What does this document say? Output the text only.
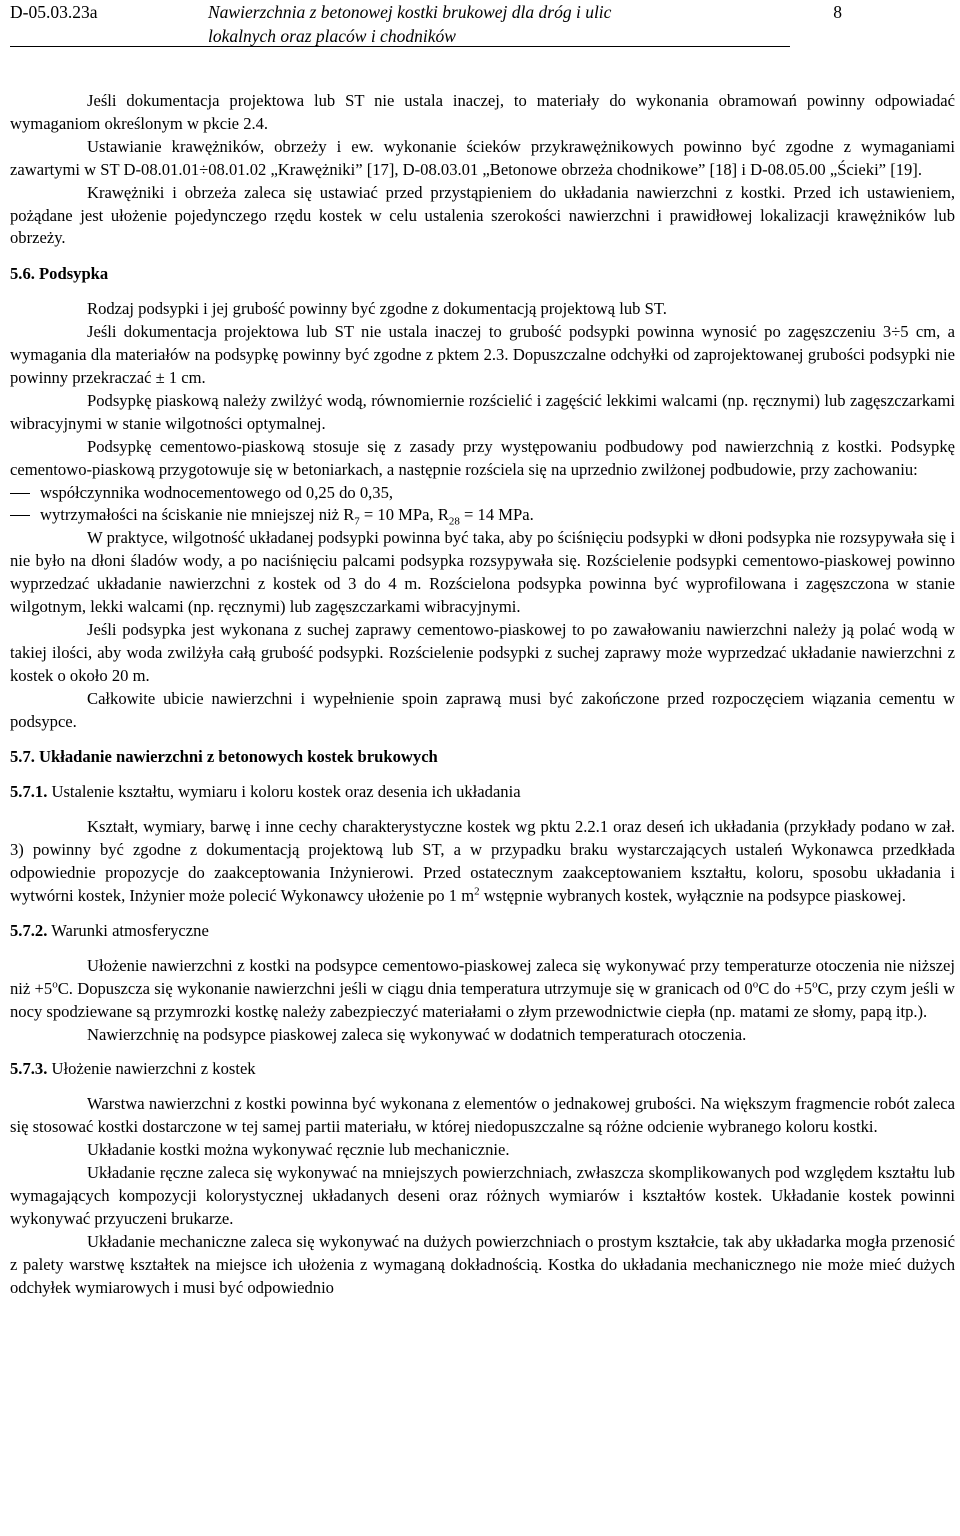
D-05.03.23a	Nawierzchnia z betonowej kostki brukowej dla dróg i ulic
lokalnych oraz placów i chodników
8

Jeśli dokumentacja projektowa lub ST nie ustala inaczej, to materiały do wykonania obramowań powinny odpowiadać wymaganiom określonym w pkcie 2.4.

Ustawianie krawężników, obrzeży i ew. wykonanie ścieków przykrawężnikowych powinno być zgodne z wymaganiami zawartymi w ST D-08.01.01÷08.01.02 „Krawężniki” [17], D-08.03.01 „Betonowe obrzeża chodnikowe” [18] i D-08.05.00 „Ścieki” [19].

Krawężniki i obrzeża zaleca się ustawiać przed przystąpieniem do układania nawierzchni z kostki. Przed ich ustawieniem, pożądane jest ułożenie pojedynczego rzędu kostek w celu ustalenia szerokości nawierzchni i prawidłowej lokalizacji krawężników lub obrzeży.

5.6. Podsypka

Rodzaj podsypki i jej grubość powinny być zgodne z dokumentacją projektową lub ST.

Jeśli dokumentacja projektowa lub ST nie ustala inaczej to grubość podsypki powinna wynosić po zagęszczeniu 3÷5 cm, a wymagania dla materiałów na podsypkę powinny być zgodne z pktem 2.3. Dopuszczalne odchyłki od zaprojektowanej grubości podsypki nie powinny przekraczać ± 1 cm.

Podsypkę piaskową należy zwilżyć wodą, równomiernie rozścielić i zagęścić lekkimi walcami (np. ręcznymi) lub zagęszczarkami wibracyjnymi w stanie wilgotności optymalnej.

Podsypkę cementowo-piaskową stosuje się z zasady przy występowaniu podbudowy pod nawierzchnią z kostki. Podsypkę cementowo-piaskową przygotowuje się w betoniarkach, a następnie rozściela się na uprzednio zwilżonej podbudowie, przy zachowaniu:

współczynnika wodnocementowego od 0,25 do 0,35,

wytrzymałości na ściskanie nie mniejszej niż $R_7 = 10$ MPa, $R_{28} = 14$ MPa.

W praktyce, wilgotność układanej podsypki powinna być taka, aby po ściśnięciu podsypki w dłoni podsypka nie rozsypywała się i nie było na dłoni śladów wody, a po naciśnięciu palcami podsypka rozsypywała się. Rozścielenie podsypki cementowo-piaskowej powinno wyprzedzać układanie nawierzchni z kostek od 3 do 4 m. Rozścielona podsypka powinna być wyprofilowana i zagęszczona w stanie wilgotnym, lekki walcami (np. ręcznymi) lub zagęszczarkami wibracyjnymi.

Jeśli podsypka jest wykonana z suchej zaprawy cementowo-piaskowej to po zawałowaniu nawierzchni należy ją polać wodą w takiej ilości, aby woda zwilżyła całą grubość podsypki. Rozścielenie podsypki z suchej zaprawy może wyprzedzać układanie nawierzchni z kostek o około 20 m.

Całkowite ubicie nawierzchni i wypełnienie spoin zaprawą musi być zakończone przed rozpoczęciem wiązania cementu w podsypce.

5.7. Układanie nawierzchni z betonowych kostek brukowych

5.7.1. Ustalenie kształtu, wymiaru i koloru kostek oraz desenia ich układania

Kształt, wymiary, barwę i inne cechy charakterystyczne kostek wg pktu 2.2.1 oraz deseń ich układania (przykłady podano w zał. 3) powinny być zgodne z dokumentacją projektową lub ST, a w przypadku braku wystarczających ustaleń Wykonawca przedkłada odpowiednie propozycje do zaakceptowania Inżynierowi. Przed ostatecznym zaakceptowaniem kształtu, koloru, sposobu układania i wytwórni kostek, Inżynier może polecić Wykonawcy ułożenie po 1 $m^2$ wstępnie wybranych kostek, wyłącznie na podsypce piaskowej.

5.7.2. Warunki atmosferyczne

Ułożenie nawierzchni z kostki na podsypce cementowo-piaskowej zaleca się wykonywać przy temperaturze otoczenia nie niższej niż $+5^oC$. Dopuszcza się wykonanie nawierzchni jeśli w ciągu dnia temperatura utrzymuje się w granicach od 0$^o$C do $+5^oC$, przy czym jeśli w nocy spodziewane są przymrozki kostkę należy zabezpieczyć materiałami o złym przewodnictwie ciepła (np. matami ze słomy, papą itp.).

Nawierzchnię na podsypce piaskowej zaleca się wykonywać w dodatnich temperaturach otoczenia.

5.7.3. Ułożenie nawierzchni z kostek

Warstwa nawierzchni z kostki powinna być wykonana z elementów o jednakowej grubości. Na większym fragmencie robót zaleca się stosować kostki dostarczone w tej samej partii materiału, w której niedopuszczalne są różne odcienie wybranego koloru kostki.

Układanie kostki można wykonywać ręcznie lub mechanicznie.

Układanie ręczne zaleca się wykonywać na mniejszych powierzchniach, zwłaszcza skomplikowanych pod względem kształtu lub wymagających kompozycji kolorystycznej układanych deseni oraz różnych wymiarów i kształtów kostek. Układanie kostek powinni wykonywać przyuczeni brukarze.

Układanie mechaniczne zaleca się wykonywać na dużych powierzchniach o prostym kształcie, tak aby układarka mogła przenosić z palety warstwę kształtek na miejsce ich ułożenia z wymaganą dokładnością. Kostka do układania mechanicznego nie może mieć dużych odchyłek wymiarowych i musi być odpowiednio
